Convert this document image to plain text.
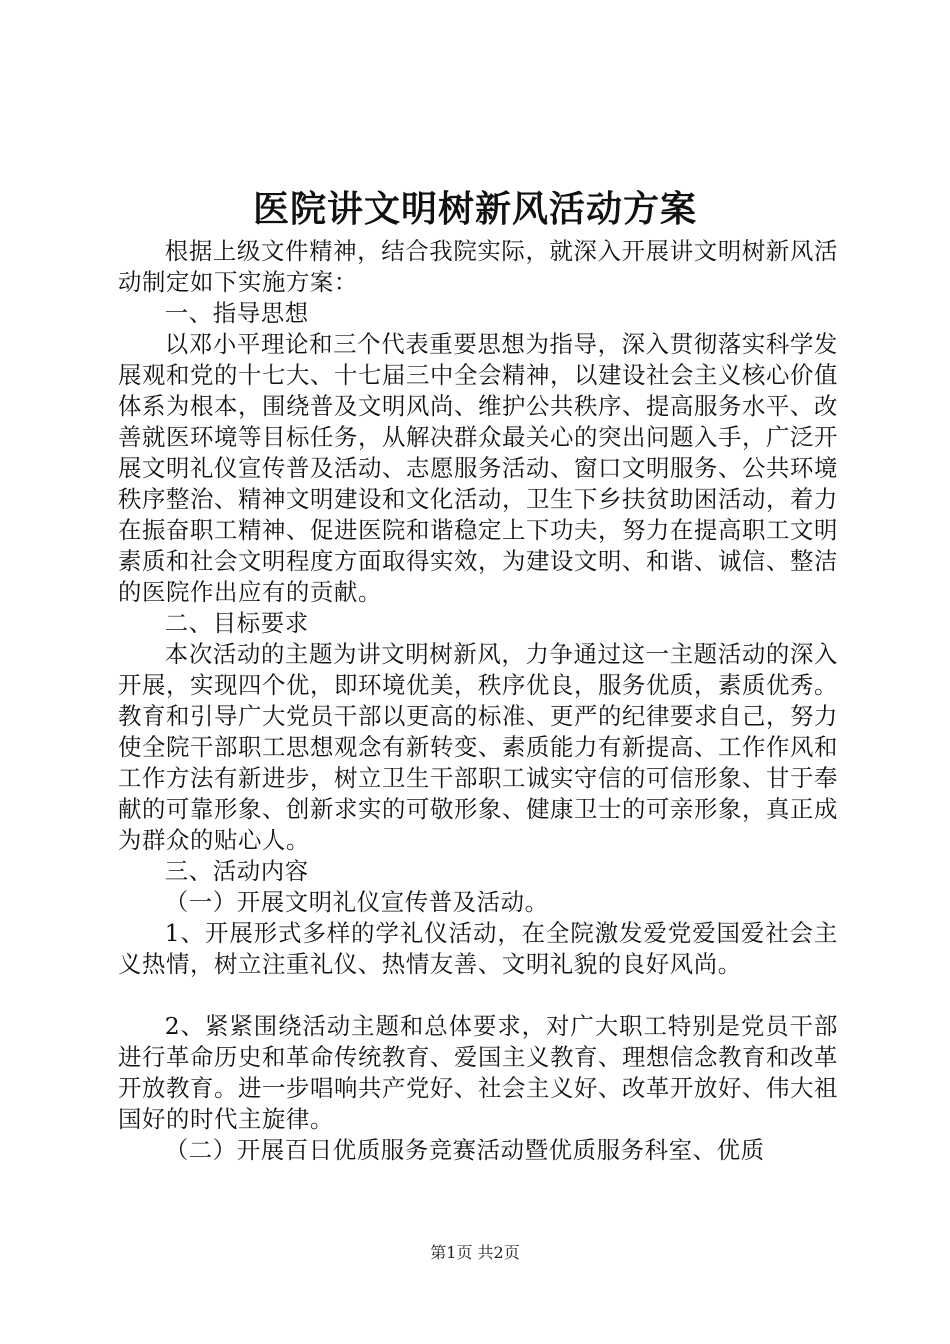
医院讲文明树新风活动方案

根据上级文件精神，结合我院实际，就深入开展讲文明树新风活动制定如下实施方案：

一、指导思想

以邓小平理论和三个代表重要思想为指导，深入贯彻落实科学发展观和党的十七大、十七届三中全会精神，以建设社会主义核心价值体系为根本，围绕普及文明风尚、维护公共秩序、提高服务水平、改善就医环境等目标任务，从解决群众最关心的突出问题入手，广泛开展文明礼仪宣传普及活动、志愿服务活动、窗口文明服务、公共环境秩序整治、精神文明建设和文化活动，卫生下乡扶贫助困活动，着力在振奋职工精神、促进医院和谐稳定上下功夫，努力在提高职工文明素质和社会文明程度方面取得实效，为建设文明、和谐、诚信、整洁的医院作出应有的贡献。

二、目标要求

本次活动的主题为讲文明树新风，力争通过这一主题活动的深入开展，实现四个优，即环境优美，秩序优良，服务优质，素质优秀。教育和引导广大党员干部以更高的标准、更严的纪律要求自己，努力使全院干部职工思想观念有新转变、素质能力有新提高、工作作风和工作方法有新进步，树立卫生干部职工诚实守信的可信形象、甘于奉献的可靠形象、创新求实的可敬形象、健康卫士的可亲形象，真正成为群众的贴心人。

三、活动内容

（一）开展文明礼仪宣传普及活动。

1、开展形式多样的学礼仪活动，在全院激发爱党爱国爱社会主义热情，树立注重礼仪、热情友善、文明礼貌的良好风尚。

2、紧紧围绕活动主题和总体要求，对广大职工特别是党员干部进行革命历史和革命传统教育、爱国主义教育、理想信念教育和改革开放教育。进一步唱响共产党好、社会主义好、改革开放好、伟大祖国好的时代主旋律。

（二）开展百日优质服务竞赛活动暨优质服务科室、优质

第1页 共2页
